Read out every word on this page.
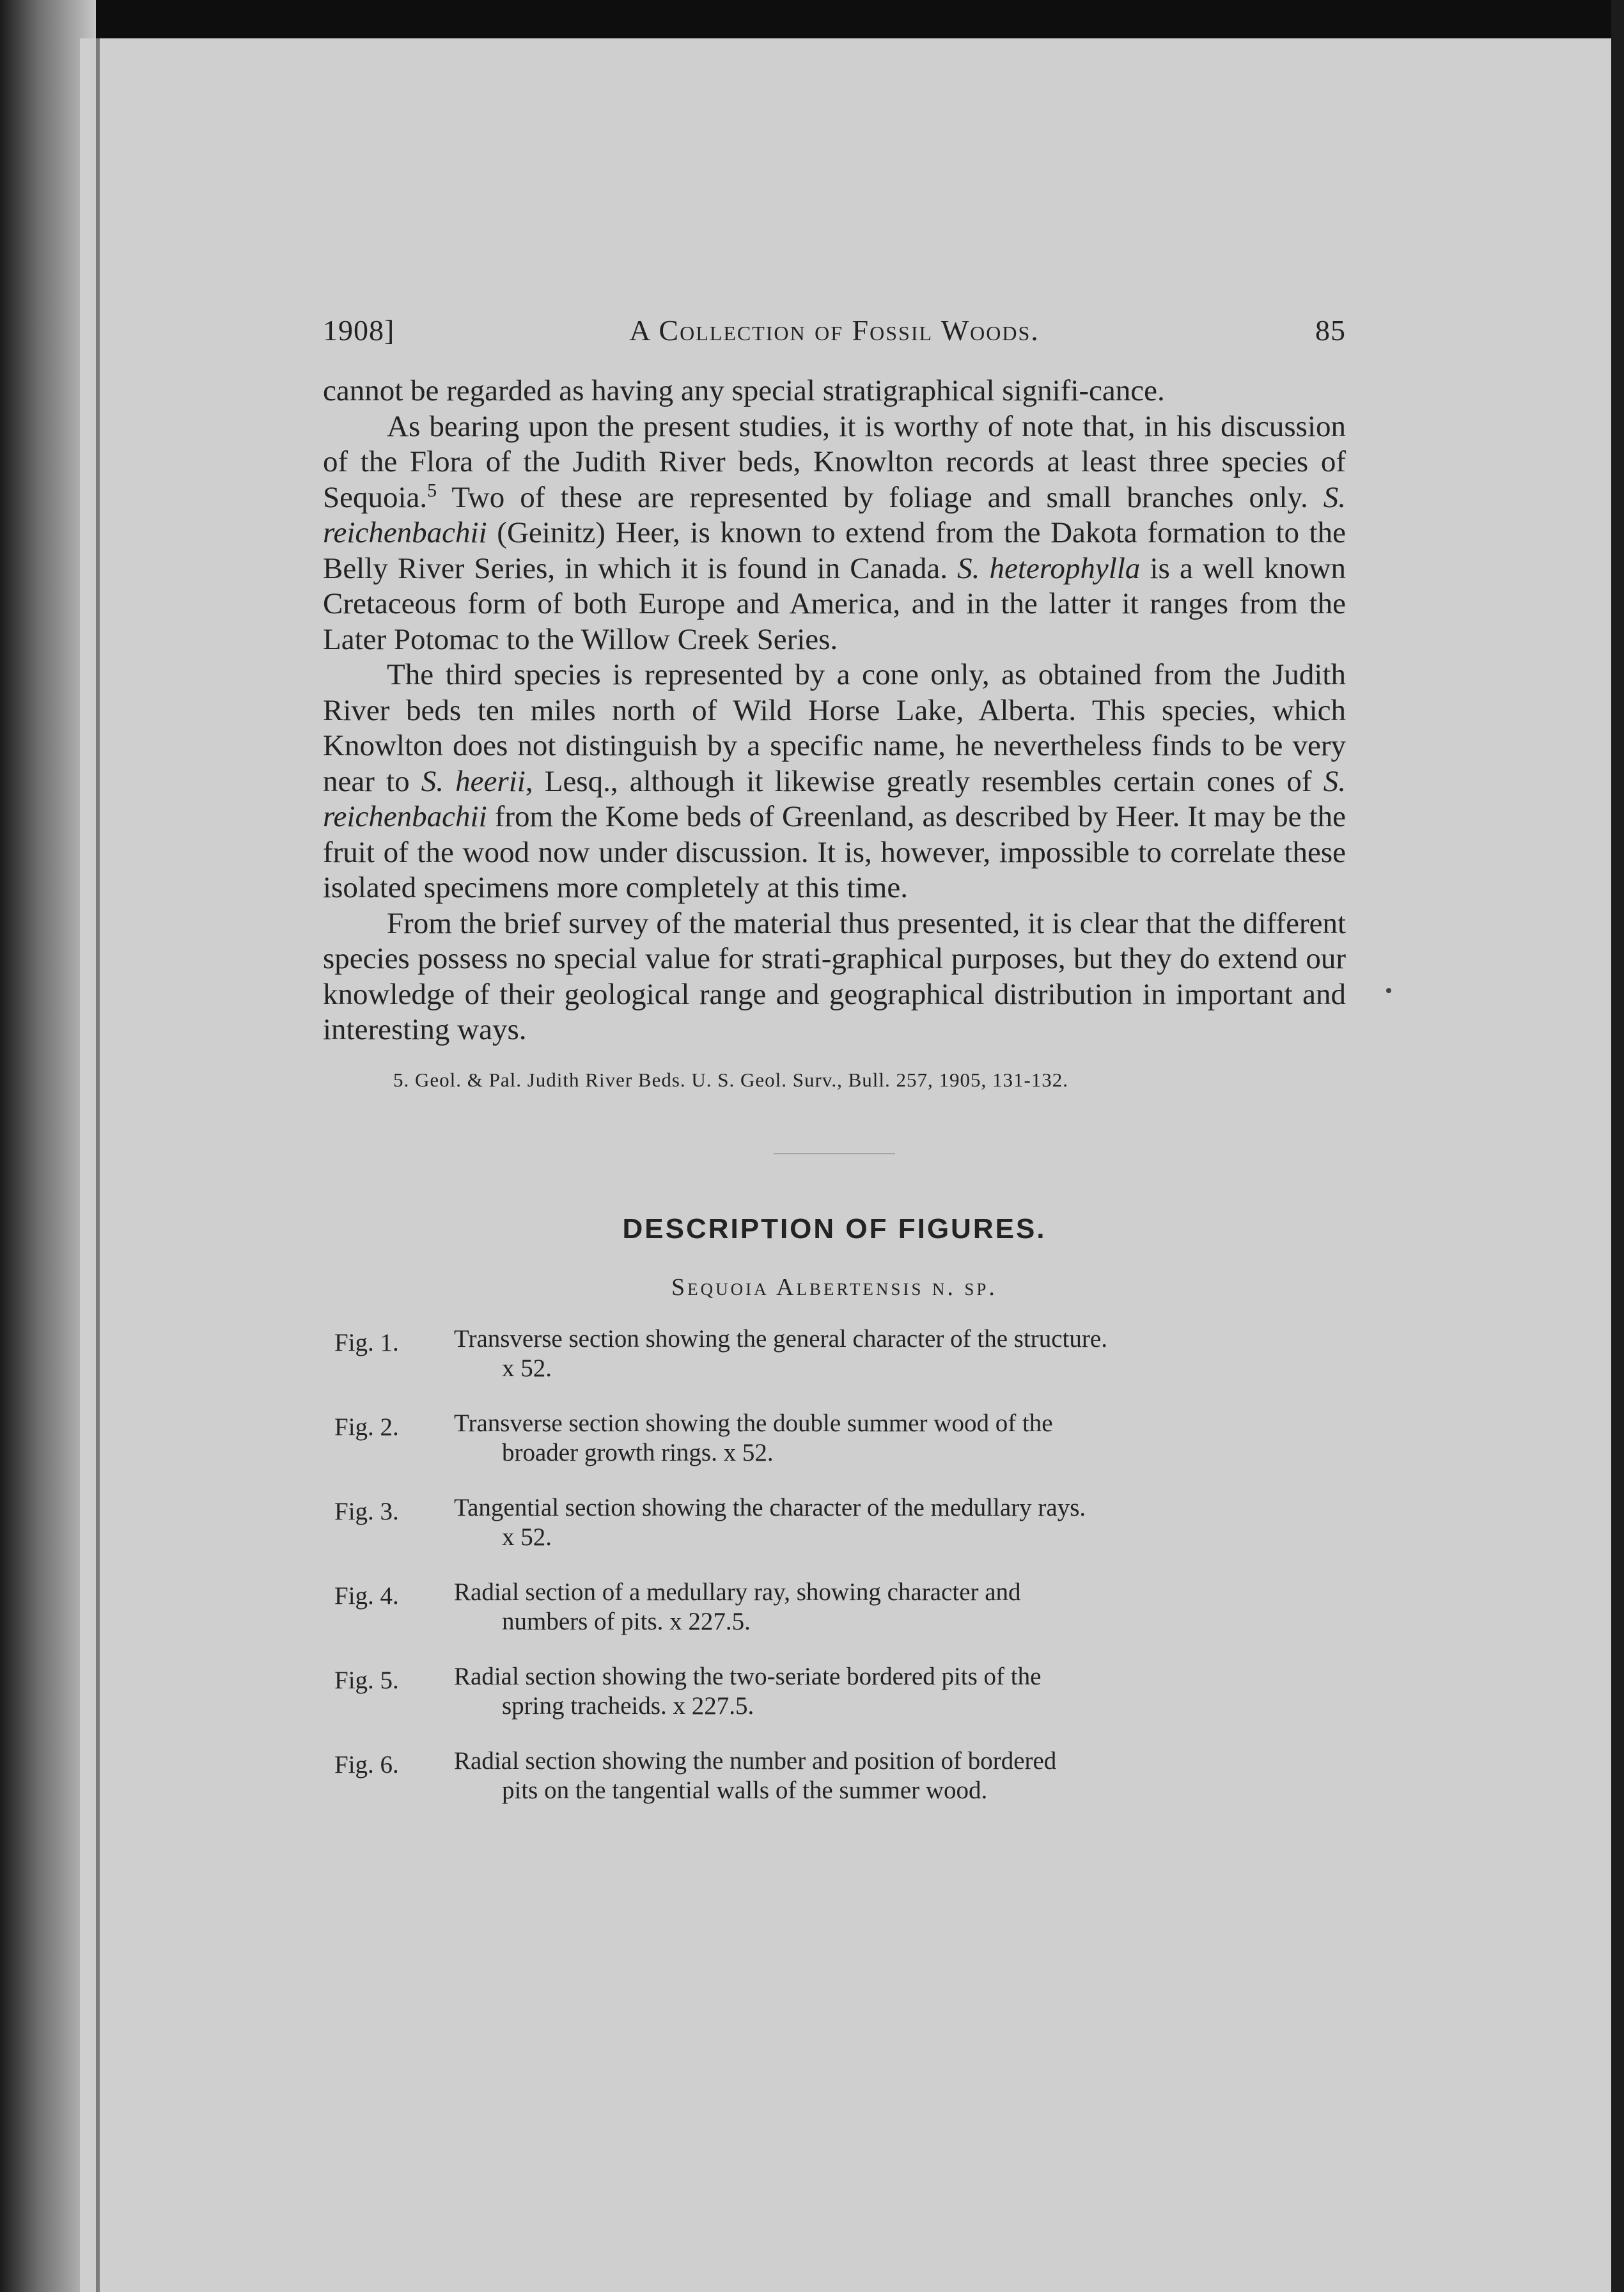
1908]	A Collection of Fossil Woods.	85

cannot be regarded as having any special stratigraphical signifi-cance.

As bearing upon the present studies, it is worthy of note that, in his discussion of the Flora of the Judith River beds, Knowlton records at least three species of Sequoia.$^5$ Two of these are represented by foliage and small branches only. S. reichenbachii (Geinitz) Heer, is known to extend from the Dakota formation to the Belly River Series, in which it is found in Canada. S. heterophylla is a well known Cretaceous form of both Europe and America, and in the latter it ranges from the Later Potomac to the Willow Creek Series.

The third species is represented by a cone only, as obtained from the Judith River beds ten miles north of Wild Horse Lake, Alberta. This species, which Knowlton does not distinguish by a specific name, he nevertheless finds to be very near to S. heerii, Lesq., although it likewise greatly resembles certain cones of S. reichenbachii from the Kome beds of Greenland, as described by Heer. It may be the fruit of the wood now under discussion. It is, however, impossible to correlate these isolated specimens more completely at this time.

From the brief survey of the material thus presented, it is clear that the different species possess no special value for strati-graphical purposes, but they do extend our knowledge of their geological range and geographical distribution in important and interesting ways.

5. Geol. & Pal. Judith River Beds. U. S. Geol. Surv., Bull. 257, 1905, 131-132.
DESCRIPTION OF FIGURES.
Sequoia Albertensis n. sp.
Fig. 1. Transverse section showing the general character of the structure.
x 52.
Fig. 2. Transverse section showing the double summer wood of the
broader growth rings. x 52.
Fig. 3. Tangential section showing the character of the medullary rays.
x 52.
Fig. 4. Radial section of a medullary ray, showing character and
numbers of pits. x 227.5.
Fig. 5. Radial section showing the two-seriate bordered pits of the
spring tracheids. x 227.5.
Fig. 6. Radial section showing the number and position of bordered
pits on the tangential walls of the summer wood.
